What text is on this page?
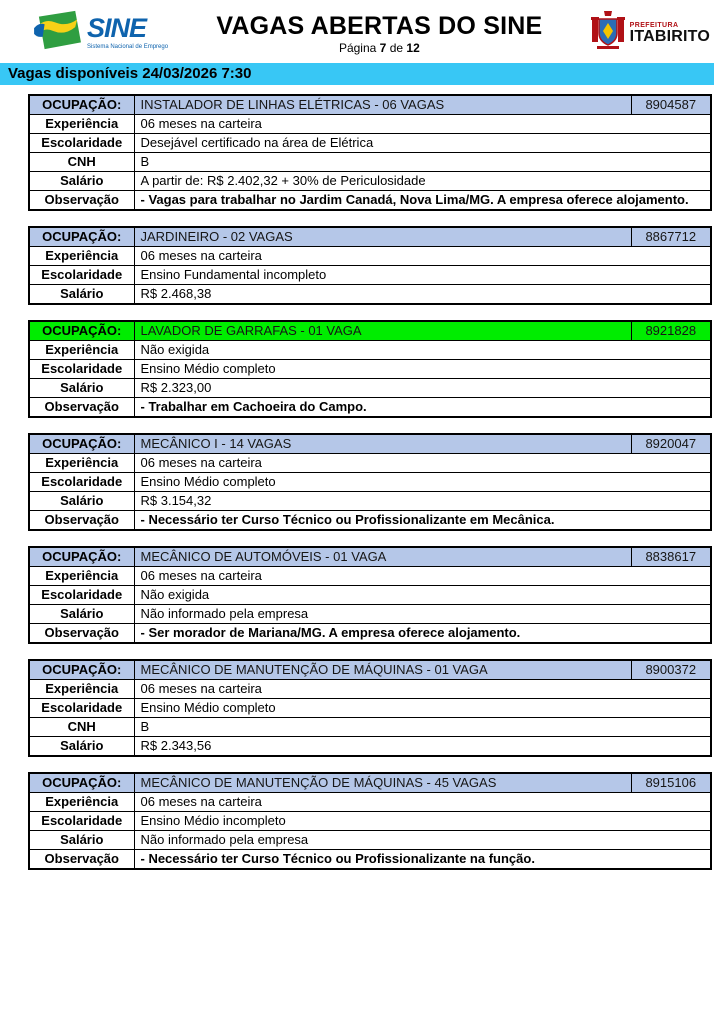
SINE
Sistema Nacional de Emprego
VAGAS ABERTAS DO SINE
Página 7 de 12
PREFEITURA
ITABIRITO
Vagas disponíveis 24/03/2026 7:30
OCUPAÇÃO:	INSTALADOR DE LINHAS ELÉTRICAS - 06 VAGAS	8904587
Experiência	06 meses na carteira	
Escolaridade	Desejável certificado na área de Elétrica	
CNH	B	
Salário	A partir de: R$ 2.402,32 + 30% de Periculosidade	
Observação	- Vagas para trabalhar no Jardim Canadá, Nova Lima/MG. A empresa oferece alojamento.	
OCUPAÇÃO:	JARDINEIRO - 02 VAGAS	8867712
Experiência	06 meses na carteira	
Escolaridade	Ensino Fundamental incompleto	
Salário	R$ 2.468,38	
OCUPAÇÃO:	LAVADOR DE GARRAFAS - 01 VAGA	8921828
Experiência	Não exigida	
Escolaridade	Ensino Médio completo	
Salário	R$ 2.323,00	
Observação	- Trabalhar em Cachoeira do Campo.	
OCUPAÇÃO:	MECÂNICO I - 14 VAGAS	8920047
Experiência	06 meses na carteira	
Escolaridade	Ensino Médio completo	
Salário	R$ 3.154,32	
Observação	- Necessário ter Curso Técnico ou Profissionalizante em Mecânica.	
OCUPAÇÃO:	MECÂNICO DE AUTOMÓVEIS - 01 VAGA	8838617
Experiência	06 meses na carteira	
Escolaridade	Não exigida	
Salário	Não informado pela empresa	
Observação	- Ser morador de Mariana/MG. A empresa oferece alojamento.	
OCUPAÇÃO:	MECÂNICO DE MANUTENÇÃO DE MÁQUINAS - 01 VAGA	8900372
Experiência	06 meses na carteira	
Escolaridade	Ensino Médio completo	
CNH	B	
Salário	R$ 2.343,56	
OCUPAÇÃO:	MECÂNICO DE MANUTENÇÃO DE MÁQUINAS - 45 VAGAS	8915106
Experiência	06 meses na carteira	
Escolaridade	Ensino Médio incompleto	
Salário	Não informado pela empresa	
Observação	- Necessário ter Curso Técnico ou Profissionalizante na função.	
